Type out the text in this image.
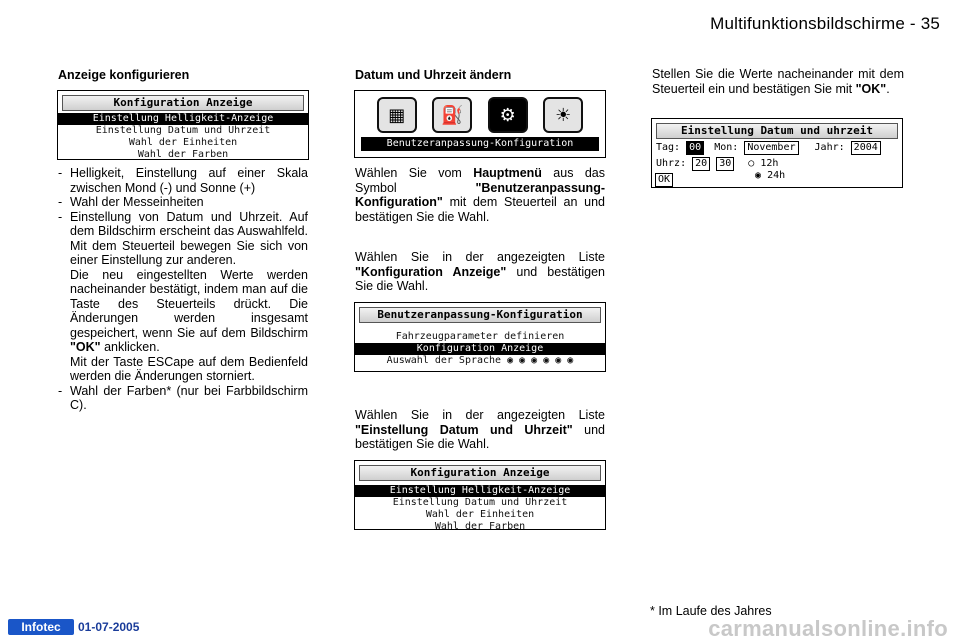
Multifunktionsbildschirme - 35
Anzeige konfigurieren
Konfiguration Anzeige
Einstellung Helligkeit-Anzeige
Einstellung Datum und Uhrzeit
Wahl der Einheiten
Wahl der Farben

- Helligkeit, Einstellung auf einer Skala zwischen Mond (-) und Sonne (+)

- Wahl der Messeinheiten

- Einstellung von Datum und Uhrzeit. Auf dem Bildschirm erscheint das Auswahlfeld. Mit dem Steuerteil bewegen Sie sich von einer Einstellung zur anderen.

Die neu eingestellten Werte werden nacheinander bestätigt, indem man auf die Taste des Steuerteils drückt. Die Änderungen werden insgesamt gespeichert, wenn Sie auf dem Bildschirm "OK" anklicken.

Mit der Taste ESCape auf dem Bedienfeld werden die Änderungen storniert.

- Wahl der Farben* (nur bei Farbbildschirm C).

Datum und Uhrzeit ändern
▦	⛽	⚙	☀
Benutzeranpassung-Konfiguration
Wählen Sie vom Hauptmenü aus das Symbol "Benutzeranpassung-Konfiguration" mit dem Steuerteil an und bestätigen Sie die Wahl.
Wählen Sie in der angezeigten Liste "Konfiguration Anzeige" und bestätigen Sie die Wahl.
Benutzeranpassung-Konfiguration
Fahrzeugparameter definieren
Konfiguration Anzeige
Auswahl der Sprache ◉ ◉ ◉ ◉ ◉ ◉
Wählen Sie in der angezeigten Liste "Einstellung Datum und Uhrzeit" und bestätigen Sie die Wahl.
Konfiguration Anzeige
Einstellung Helligkeit-Anzeige
Einstellung Datum und Uhrzeit
Wahl der Einheiten
Wahl der Farben
Stellen Sie die Werte nacheinander mit dem Steuerteil ein und bestätigen Sie mit "OK".
Einstellung Datum und uhrzeit
Tag: 00 Mon: November Jahr: 2004
Uhrz: 20 30 ○ 12h
◉ 24h
OK
* Im Laufe des Jahres
Infotec	01-07-2005	carmanualsonline.info
